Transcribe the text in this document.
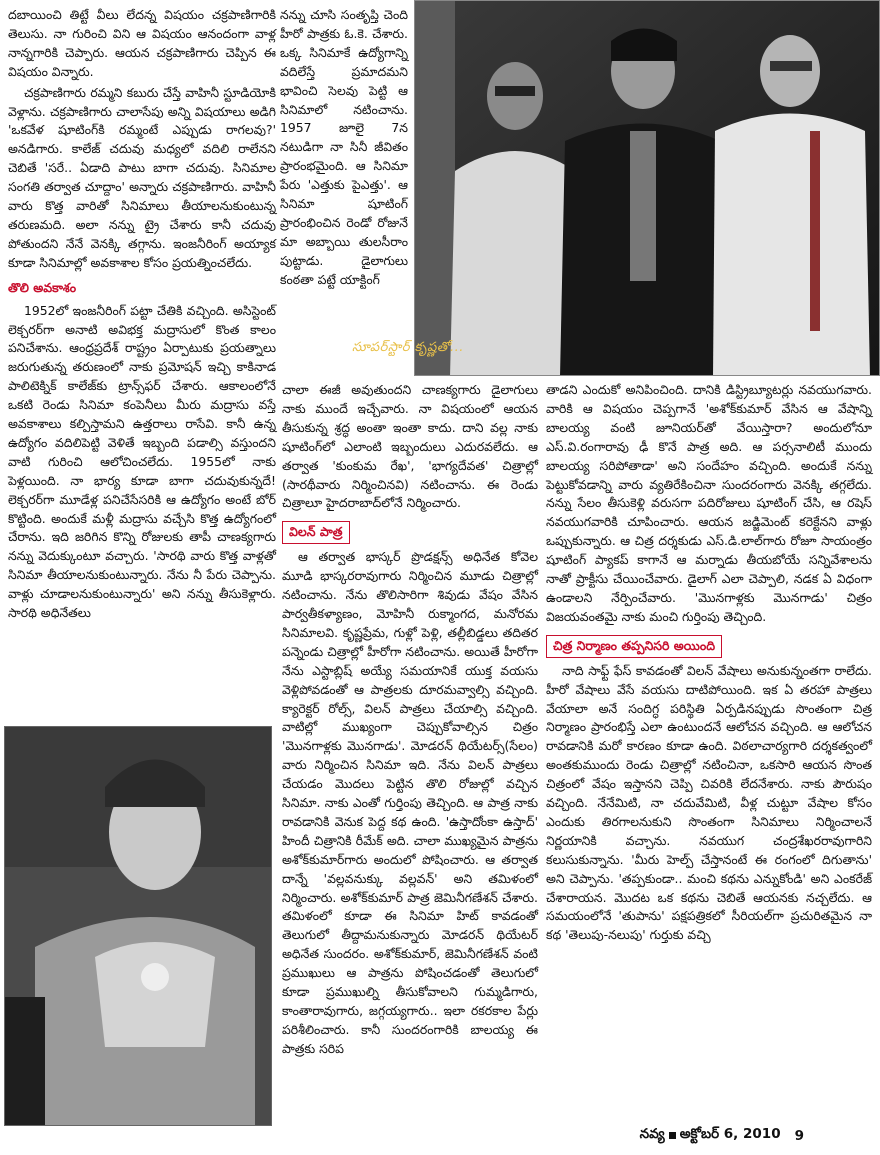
సూపర్‌స్టార్ కృష్ణతో...

దబాయించి తిట్టే వీలు లేదన్న విషయం చక్రపాణిగారికి తెలుసు. నా గురించి విని ఆ విషయం ఆనందంగా వాళ్ల నాన్నగారికి చెప్పారు. ఆయన చక్రపాణిగారు చెప్పిన ఈ విషయం విన్నారు.

చక్రపాణిగారు రమ్మని కబురు చేస్తే వాహినీ స్టూడియోకి వెళ్లాను. చక్రపాణిగారు చాలాసేపు అన్ని విషయాలు అడిగి 'ఒకవేళ షూటింగ్‌కి రమ్మంటే ఎప్పుడు రాగలవు?' అనడిగారు. కాలేజ్ చదువు మధ్యలో వదిలి రాలేనని చెబితే 'సరే.. ఏడాది పాటు బాగా చదువు. సినిమాల సంగతి తర్వాత చూద్దాం' అన్నారు చక్రపాణిగారు. వాహినీ వారు కొత్త వారితో సినిమాలు తీయాలనుకుంటున్న తరుణమది. అలా నన్ను ట్రై చేశారు కానీ చదువు పోతుందని నేనే వెనక్కి తగ్గాను. ఇంజనీరింగ్ అయ్యాక కూడా సినిమాల్లో అవకాశాల కోసం ప్రయత్నించలేదు.

తొలి అవకాశం

1952లో ఇంజనీరింగ్ పట్టా చేతికి వచ్చింది. అసిస్టెంట్ లెక్చరర్‌గా అనాటి అవిభక్త మద్రాసులో కొంత కాలం పనిచేశాను. ఆంధ్రప్రదేశ్ రాష్ట్రం ఏర్పాటుకు ప్రయత్నాలు జరుగుతున్న తరుణంలో నాకు ప్రమోషన్ ఇచ్చి కాకినాడ పాలిటెక్నిక్ కాలేజ్‌కు ట్రాన్స్‌ఫర్ చేశారు. ఆకాలంలోనే ఒకటి రెండు సినిమా కంపెనీలు మీరు మద్రాసు వస్తే అవకాశాలు కల్పిస్తామని ఉత్తరాలు రాసేవి. కానీ ఉన్న ఉద్యోగం వదిలిపెట్టి వెళితే ఇబ్బంది పడాల్సి వస్తుందని వాటి గురించి ఆలోచించలేదు. 1955లో నాకు పెళ్లయింది. నా భార్య కూడా బాగా చదువుకున్నదే! లెక్చరర్‌గా మూడేళ్ల పనిచేసేసరికి ఆ ఉద్యోగం అంటే బోర్ కొట్టింది. అందుకే మళ్లీ మద్రాసు వచ్చేసి కొత్త ఉద్యోగంలో చేరాను. ఇది జరిగిన కొన్ని రోజులకు తాపీ చాణక్యగారు నన్ను వెదుక్కుంటూ వచ్చారు. 'సారథి వారు కొత్త వాళ్లతో సినిమా తీయాలనుకుంటున్నారు. నేను నీ పేరు చెప్పాను. వాళ్లు చూడాలనుకుంటున్నారు' అని నన్ను తీసుకెళ్లారు. సారథి అధినేతలు

నన్ను చూసి సంతృప్తి చెంది హీరో పాత్రకు ఓ.కె. చేశారు. ఒక్క సినిమాకే ఉద్యోగాన్ని వదిలేస్తే ప్రమాదమని భావించి సెలవు పెట్టి ఆ సినిమాలో నటించాను. 1957 జూలై 7న నటుడిగా నా సినీ జీవితం ప్రారంభమైంది. ఆ సినిమా పేరు 'ఎత్తుకు పైఎత్తు'. ఆ సినిమా షూటింగ్ ప్రారంభించిన రెండో రోజునే మా అబ్బాయి తులసీరాం పుట్టాడు. డైలాగులు కంఠతా పట్టే యాక్టింగ్

చాలా ఈజీ అవుతుందని చాణక్యగారు డైలాగులు నాకు ముందే ఇచ్చేవారు. నా విషయంలో ఆయన తీసుకున్న శ్రద్ధ అంతా ఇంతా కాదు. దాని వల్ల నాకు షూటింగ్‌లో ఎలాంటి ఇబ్బందులు ఎదురవలేదు. ఆ తర్వాత 'కుంకుమ రేఖ', 'భాగ్యదేవత' చిత్రాల్లో (సారథీవారు నిర్మించినవి) నటించాను. ఈ రెండు చిత్రాలూ హైదరాబాద్‌లోనే నిర్మించారు.

విలన్ పాత్ర

ఆ తర్వాత భాస్కర్ ప్రొడక్షన్స్ అధినేత కోవెల మూడి భాస్కరరావుగారు నిర్మించిన మూడు చిత్రాల్లో నటించాను. నేను తొలిసారిగా శివుడు వేషం వేసిన పార్వతీకళ్యాణం, మోహినీ రుక్మాంగద, మనోరమ సినిమాలవి. కృష్ణప్రేమ, గుళ్లో పెళ్లి, తల్లీబిడ్డలు తదితర పన్నెండు చిత్రాల్లో హీరోగా నటించాను. అయితే హీరోగా నేను ఎస్టాబ్లిష్ అయ్యే సమయానికే యుక్త వయసు వెళ్లిపోవడంతో ఆ పాత్రలకు దూరమవ్వాల్సి వచ్చింది. క్యారెక్టర్ రోల్స్, విలన్ పాత్రలు చేయాల్సి వచ్చింది. వాటిల్లో ముఖ్యంగా చెప్పుకోవాల్సిన చిత్రం 'మొనగాళ్లకు మొనగాడు'. మోడరన్ థియేటర్స్(సేలం) వారు నిర్మించిన సినిమా ఇది. నేను విలన్ పాత్రలు చేయడం మొదలు పెట్టిన తొలి రోజుల్లో వచ్చిన సినిమా. నాకు ఎంతో గుర్తింపు తెచ్చింది. ఆ పాత్ర నాకు రావడానికి వెనుక పెద్ద కథ ఉంది. 'ఉస్తాదోంకా ఉస్తాద్' హిందీ చిత్రానికి రీమేక్ అది. చాలా ముఖ్యమైన పాత్రను అశోక్‌కుమార్‌గారు అందులో పోషించారు. ఆ తర్వాత దాన్నే 'వల్లవనుక్కు వల్లవన్' అని తమిళంలో నిర్మించారు. అశోక్‌కుమార్ పాత్ర జెమినీగణేశన్ చేశారు. తమిళంలో కూడా ఈ సినిమా హిట్ కావడంతో తెలుగులో తీద్దామనుకున్నారు మోడరన్ థియేటర్ అధినేత సుందరం. అశోక్‌కుమార్, జెమినీగణేశన్ వంటి ప్రముఖులు ఆ పాత్రను పోషించడంతో తెలుగులో కూడా ప్రముఖుల్ని తీసుకోవాలని గుమ్మడిగారు, కాంతారావుగారు, జగ్గయ్యగారు.. ఇలా రకరకాల పేర్లు పరిశీలించారు. కానీ సుందరంగారికి బాలయ్య ఈ పాత్రకు సరిప

తాడని ఎందుకో అనిపించింది. దానికి డిస్ట్రిబ్యూటర్లు నవయుగవారు. వారికి ఆ విషయం చెప్పగానే 'అశోక్‌కుమార్ వేసిన ఆ వేషాన్ని బాలయ్య వంటి జూనియర్‌తో వేయిస్తారా? అందులోనూ ఎస్.వి.రంగారావు ఢీ కొనే పాత్ర అది. ఆ పర్సనాలిటీ ముందు బాలయ్య సరిపోతాడా' అని సందేహం వచ్చింది. అందుకే నన్ను పెట్టుకోవడాన్ని వారు వ్యతిరేకించినా సుందరంగారు వెనక్కి తగ్గలేదు. నన్ను సేలం తీసుకెళ్లి వరుసగా పదిరోజులు షూటింగ్ చేసి, ఆ రషెస్ నవయుగవారికి చూపించారు. ఆయన జడ్జిమెంట్ కరెక్టేనని వాళ్లు ఒప్పుకున్నారు. ఆ చిత్ర దర్శకుడు ఎస్.డి.లాల్‌గారు రోజూ సాయంత్రం షూటింగ్ ప్యాకప్ కాగానే ఆ మర్నాడు తీయబోయే సన్నివేశాలను నాతో ప్రాక్టీసు చేయించేవారు. డైలాగ్ ఎలా చెప్పాలి, నడక ఏ విధంగా ఉండాలని నేర్పించేవారు. 'మొనగాళ్లకు మొనగాడు' చిత్రం విజయవంతమై నాకు మంచి గుర్తింపు తెచ్చింది.

చిత్ర నిర్మాణం తప్పనిసరి అయింది

నాది సాఫ్ట్ ఫేస్ కావడంతో విలన్ వేషాలు అనుకున్నంతగా రాలేదు. హీరో వేషాలు వేసే వయసు దాటిపోయింది. ఇక ఏ తరహా పాత్రలు వేయాలా అనే సందిగ్ధ పరిస్థితి ఏర్పడినప్పుడు సొంతంగా చిత్ర నిర్మాణం ప్రారంభిస్తే ఎలా ఉంటుందనే ఆలోచన వచ్చింది. ఆ ఆలోచన రావడానికి మరో కారణం కూడా ఉంది. విఠలాచార్యగారి దర్శకత్వంలో అంతకుముందు రెండు చిత్రాల్లో నటించినా, ఒకసారి ఆయన సొంత చిత్రంలో వేషం ఇస్తానని చెప్పి చివరికి లేదనేశారు. నాకు పౌరుషం వచ్చింది. నేనేమిటి, నా చదువేమిటి, వీళ్ల చుట్టూ వేషాల కోసం ఎందుకు తిరగాలనుకుని సొంతంగా సినిమాలు నిర్మించాలనే నిర్ణయానికి వచ్చాను. నవయుగ చంద్రశేఖరరావుగారిని కలుసుకున్నాను. 'మీరు హెల్ప్ చేస్తానంటే ఈ రంగంలో దిగుతాను' అని చెప్పాను. 'తప్పకుండా.. మంచి కథను ఎన్నుకోండి' అని ఎంకరేజ్ చేశారాయన. మొదట ఒక కథను చెబితే ఆయనకు నచ్చలేదు. ఆ సమయంలోనే 'తుపాను' పక్షపత్రికలో సీరియల్‌గా ప్రచురితమైన నా కథ 'తెలుపు-నలుపు' గుర్తుకు వచ్చి

నవ్య అక్టోబర్ 6, 2010 9
